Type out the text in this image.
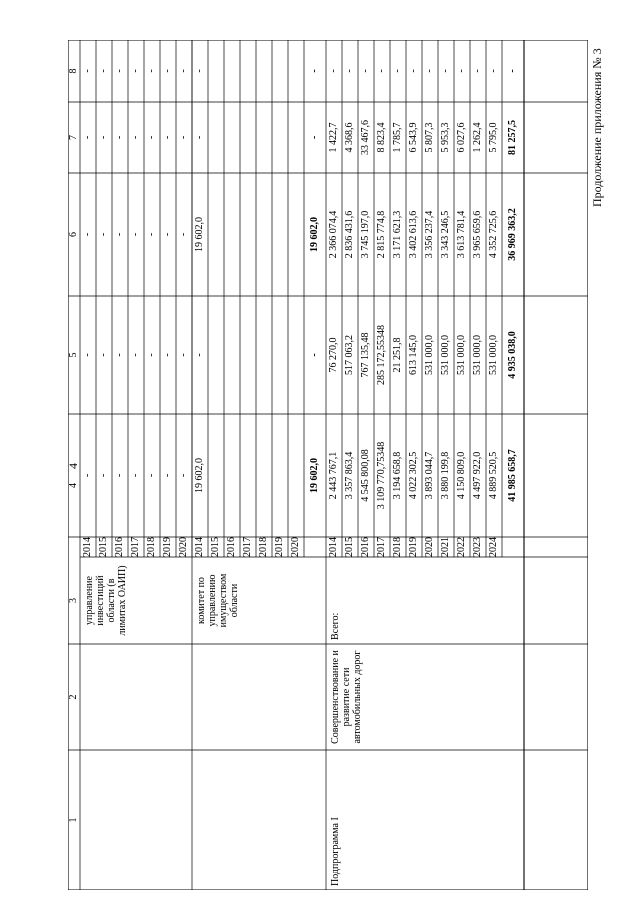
4
Продолжение приложения № 3
1
2
3
4
5
6
7
8
2014
-
-
-
-
-
2015
-
-
-
-
-
2016
-
-
-
-
-
2017
-
-
-
-
-
2018
-
-
-
-
-
2019
-
-
-
-
-
2020
-
-
-
-
-
управление инвестиций области (в лимитах ОАИП)
2014
19 602,0
-
19 602,0
-
-
2015 2016 2017 2018 2019 2020
19 602,0
-
19 602,0
-
-
комитет по управлению имуществом области
2014
2 443 767,1
76 270,0
2 366 074,4
1 422,7
-
2015
3 357 863,4
517 063,2
2 836 431,6
4 368,6
-
2016
4 545 800,08
767 135,48
3 745 197,0
33 467,6
-
2017
3 109 770,75348
285 172,55348
2 815 774,8
8 823,4
-
2018
3 194 658,8
21 251,8
3 171 621,3
1 785,7
-
2019
4 022 302,5
613 145,0
3 402 613,6
6 543,9
-
2020
3 893 044,7
531 000,0
3 356 237,4
5 807,3
-
2021
3 880 199,8
531 000,0
3 343 246,5
5 953,3
-
2022
4 150 809,0
531 000,0
3 613 781,4
6 027,6
-
2023
4 497 922,0
531 000,0
3 965 659,6
1 262,4
-
2024
4 889 520,5
531 000,0
4 352 725,6
5 795,0
-
41 985 658,7
4 935 038,0
36 969 363,2
81 257,5
-
Подпрограмма I
Совершенствование и развитие сети автомобильных дорог
Всего:
